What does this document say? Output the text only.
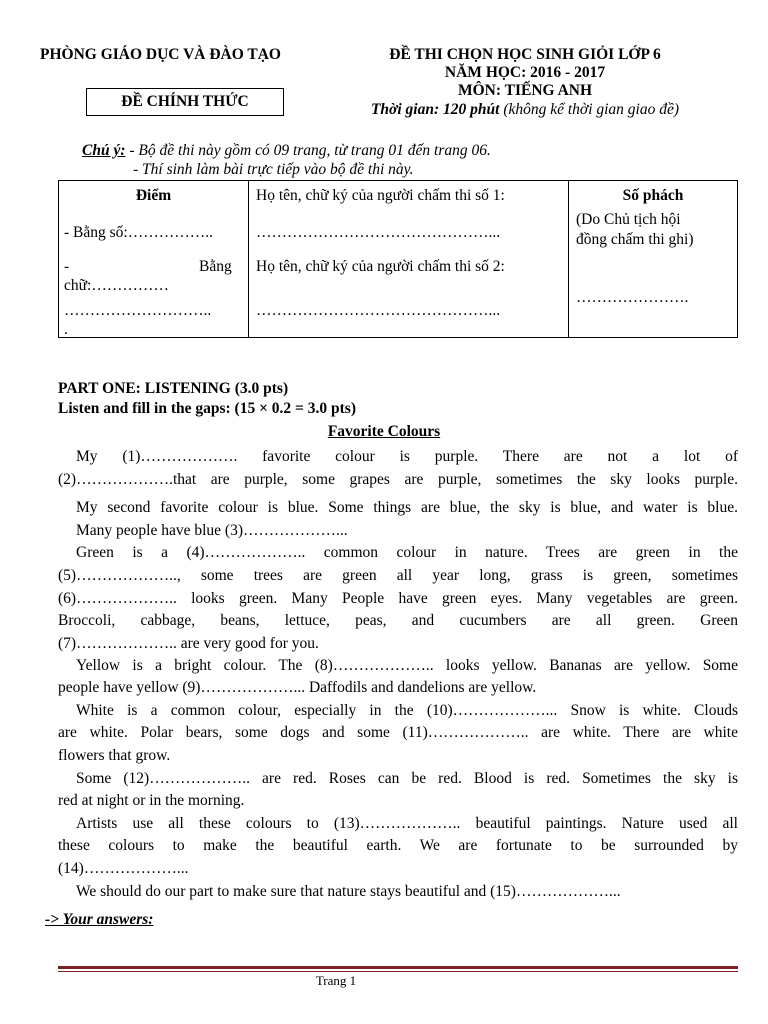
PHÒNG GIÁO DỤC VÀ ĐÀO TẠO
ĐỀ CHÍNH THỨC
ĐỀ THI CHỌN HỌC SINH GIỎI LỚP 6
NĂM HỌC: 2016 - 2017
MÔN: TIẾNG ANH
Thời gian: 120 phút (không kể thời gian giao đề)
Chú ý: - Bộ đề thi này gồm có 09 trang, từ trang 01 đến trang 06.
- Thí sinh làm bài trực tiếp vào bộ đề thi này.
Điểm
- Bằng số:……………..
-	Bằng
chữ:……………
………………………..
.
Họ tên, chữ ký của người chấm thi số 1:
………………………………………...
Họ tên, chữ ký của người chấm thi số 2:
………………………………………...
Số phách
(Do Chủ tịch hội
đồng chấm thi ghi)
………………….
PART ONE: LISTENING (3.0 pts)
Listen and fill in the gaps: (15 × 0.2 = 3.0 pts)
Favorite Colours
My (1)………………. favorite colour is purple. There are not a lot of
(2)……………….that are purple, some grapes are purple, sometimes the sky looks purple.
My second favorite colour is blue. Some things are blue, the sky is blue, and water is blue.
Many people have blue (3)………………...
Green is a (4)……………….. common colour in nature. Trees are green in the
(5)……………….., some trees are green all year long, grass is green, sometimes
(6)……………….. looks green. Many People have green eyes. Many vegetables are green.
Broccoli, cabbage, beans, lettuce, peas, and cucumbers are all green. Green
(7)……………….. are very good for you.
Yellow is a bright colour. The (8)……………….. looks yellow. Bananas are yellow. Some
people have yellow (9)………………... Daffodils and dandelions are yellow.
White is a common colour, especially in the (10)………………... Snow is white. Clouds
are white. Polar bears, some dogs and some (11)……………….. are white. There are white
flowers that grow.
Some (12)……………….. are red. Roses can be red. Blood is red. Sometimes the sky is
red at night or in the morning.
Artists use all these colours to (13)……………….. beautiful paintings. Nature used all
these colours to make the beautiful earth. We are fortunate to be surrounded by
(14)………………...
We should do our part to make sure that nature stays beautiful and (15)………………...
-> Your answers:
Trang 1
